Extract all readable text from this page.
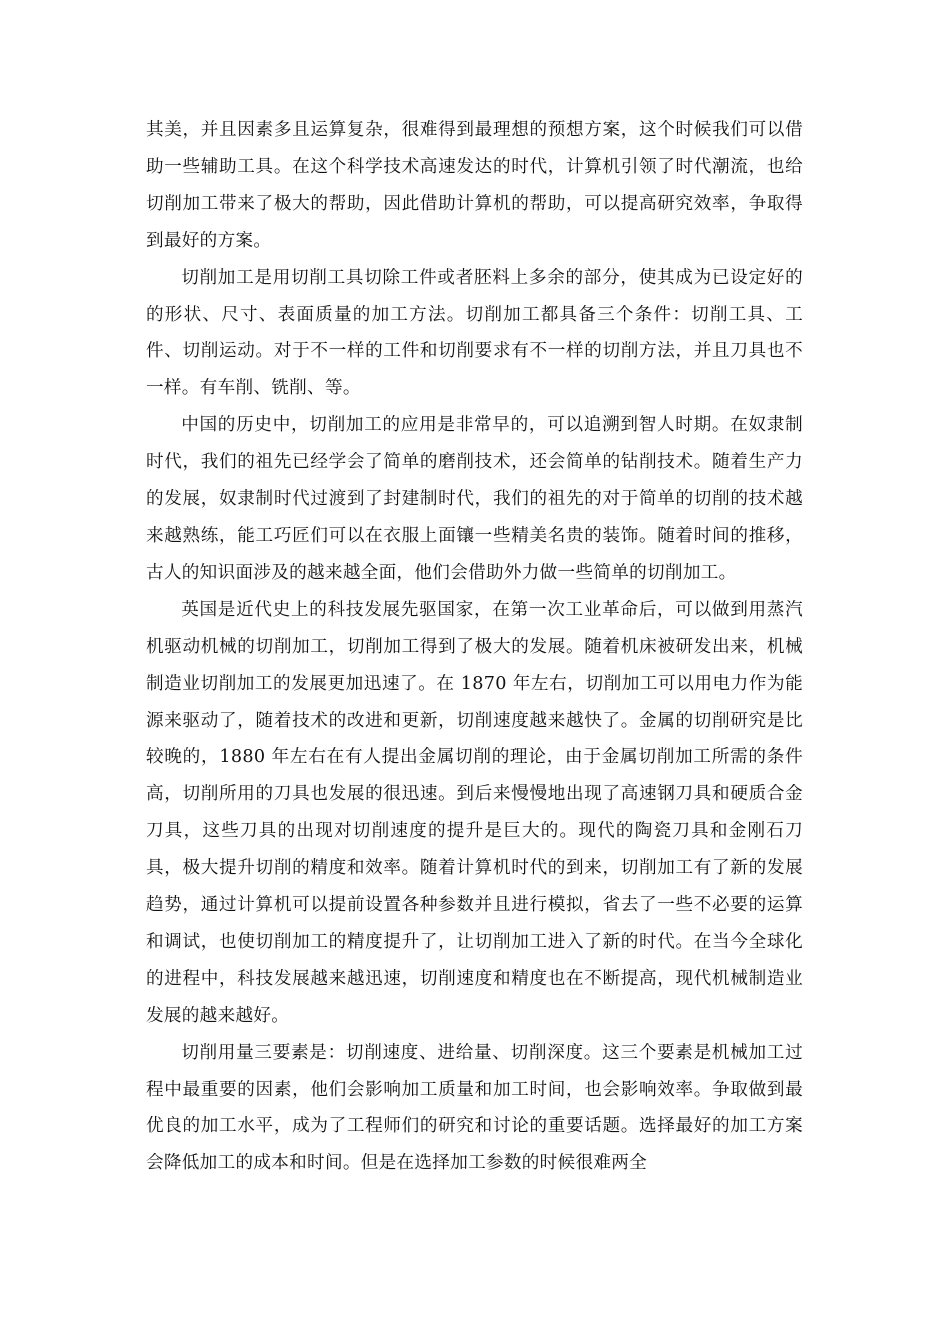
其美，并且因素多且运算复杂，很难得到最理想的预想方案，这个时候我们可以借助一些辅助工具。在这个科学技术高速发达的时代，计算机引领了时代潮流，也给切削加工带来了极大的帮助，因此借助计算机的帮助，可以提高研究效率，争取得到最好的方案。

切削加工是用切削工具切除工件或者胚料上多余的部分，使其成为已设定好的的形状、尺寸、表面质量的加工方法。切削加工都具备三个条件：切削工具、工件、切削运动。对于不一样的工件和切削要求有不一样的切削方法，并且刀具也不一样。有车削、铣削、等。

中国的历史中，切削加工的应用是非常早的，可以追溯到智人时期。在奴隶制时代，我们的祖先已经学会了简单的磨削技术，还会简单的钻削技术。随着生产力的发展，奴隶制时代过渡到了封建制时代，我们的祖先的对于简单的切削的技术越来越熟练，能工巧匠们可以在衣服上面镶一些精美名贵的装饰。随着时间的推移，古人的知识面涉及的越来越全面，他们会借助外力做一些简单的切削加工。

英国是近代史上的科技发展先驱国家，在第一次工业革命后，可以做到用蒸汽机驱动机械的切削加工，切削加工得到了极大的发展。随着机床被研发出来，机械制造业切削加工的发展更加迅速了。在 1870 年左右，切削加工可以用电力作为能源来驱动了，随着技术的改进和更新，切削速度越来越快了。金属的切削研究是比较晚的，1880 年左右在有人提出金属切削的理论，由于金属切削加工所需的条件高，切削所用的刀具也发展的很迅速。到后来慢慢地出现了高速钢刀具和硬质合金刀具，这些刀具的出现对切削速度的提升是巨大的。现代的陶瓷刀具和金刚石刀具，极大提升切削的精度和效率。随着计算机时代的到来，切削加工有了新的发展趋势，通过计算机可以提前设置各种参数并且进行模拟，省去了一些不必要的运算和调试，也使切削加工的精度提升了，让切削加工进入了新的时代。在当今全球化的进程中，科技发展越来越迅速，切削速度和精度也在不断提高，现代机械制造业发展的越来越好。

切削用量三要素是：切削速度、进给量、切削深度。这三个要素是机械加工过程中最重要的因素，他们会影响加工质量和加工时间，也会影响效率。争取做到最优良的加工水平，成为了工程师们的研究和讨论的重要话题。选择最好的加工方案会降低加工的成本和时间。但是在选择加工参数的时候很难两全
